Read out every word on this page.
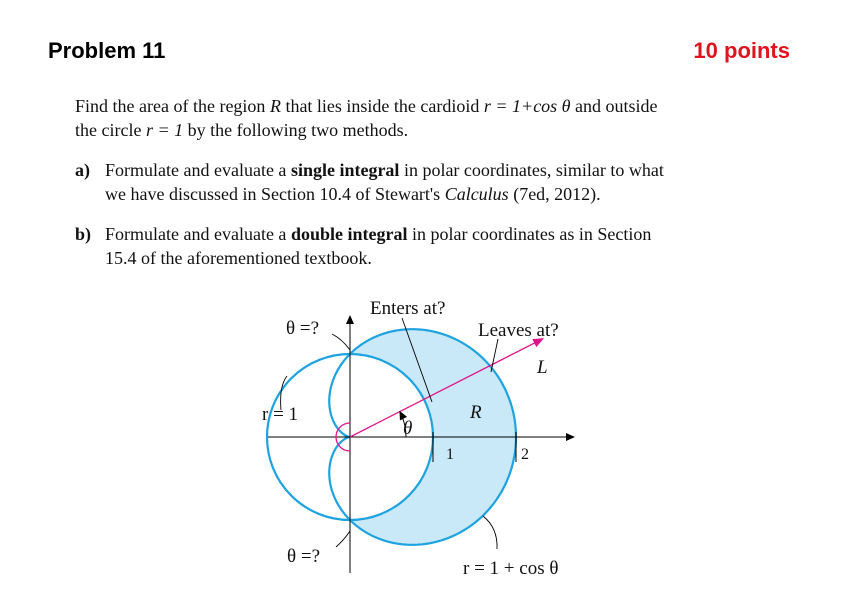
Problem 11	10 points
Find the area of the region R that lies inside the cardioid r = 1+cos θ and outside
the circle r = 1 by the following two methods.
a) Formulate and evaluate a single integral in polar coordinates, similar to what
we have discussed in Section 10.4 of Stewart's Calculus (7ed, 2012).
b) Formulate and evaluate a double integral in polar coordinates as in Section
15.4 of the aforementioned textbook.
Enters at?
Leaves at?
θ =?
θ =?
r = 1
r = 1 + cos θ
R
L
θ
1	2
